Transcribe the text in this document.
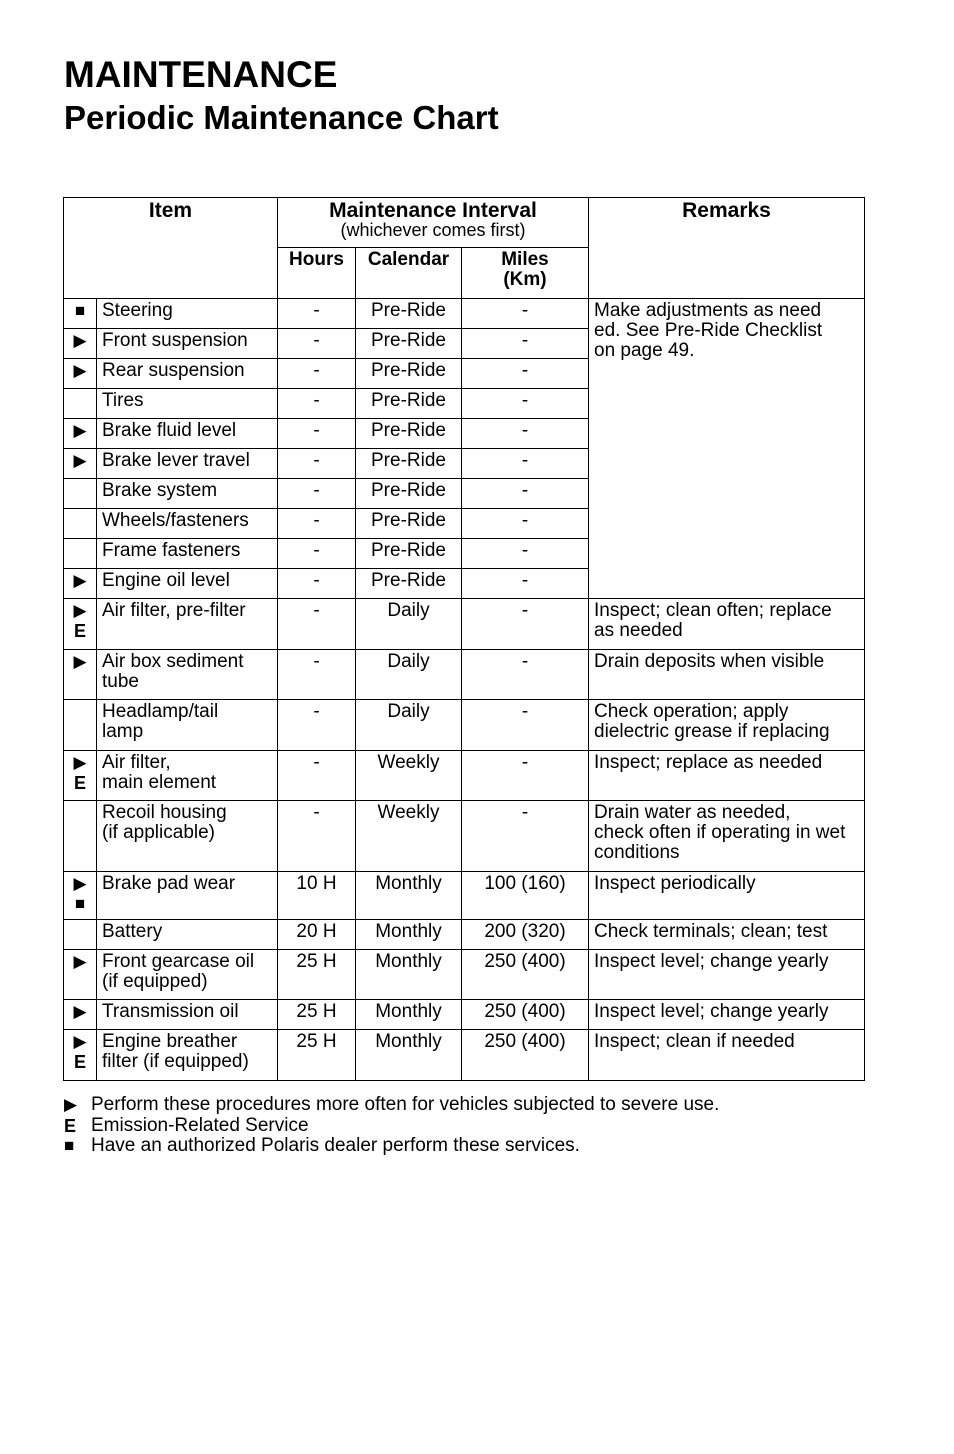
MAINTENANCE
Periodic Maintenance Chart
Item		Maintenance Interval
(whichever comes first)			Remarks
		Hours	Calendar	Miles
(Km)	
■	Steering	-	Pre-Ride	-	Make adjustments as need
ed. See Pre-Ride Checklist
on page 49.
▶	Front suspension	-	Pre-Ride	-	
▶	Rear suspension	-	Pre-Ride	-	
	Tires	-	Pre-Ride	-	
▶	Brake fluid level	-	Pre-Ride	-	
▶	Brake lever travel	-	Pre-Ride	-	
	Brake system	-	Pre-Ride	-	
	Wheels/fasteners	-	Pre-Ride	-	
	Frame fasteners	-	Pre-Ride	-	
▶	Engine oil level	-	Pre-Ride	-	
▶
E	Air filter, pre-filter	-	Daily	-	Inspect; clean often; replace
as needed
▶	Air box sediment
tube	-	Daily	-	Drain deposits when visible
	Headlamp/tail
lamp	-	Daily	-	Check operation; apply
dielectric grease if replacing
▶
E	Air filter,
main element	-	Weekly	-	Inspect; replace as needed
	Recoil housing
(if applicable)	-	Weekly	-	Drain water as needed,
check often if operating in wet
conditions
▶
■	Brake pad wear	10 H	Monthly	100 (160)	Inspect periodically
	Battery	20 H	Monthly	200 (320)	Check terminals; clean; test
▶	Front gearcase oil
(if equipped)	25 H	Monthly	250 (400)	Inspect level; change yearly
▶	Transmission oil	25 H	Monthly	250 (400)	Inspect level; change yearly
▶
E	Engine breather
filter (if equipped)	25 H	Monthly	250 (400)	Inspect; clean if needed
▶ Perform these procedures more often for vehicles subjected to severe use.
E Emission-Related Service
■ Have an authorized Polaris dealer perform these services.
